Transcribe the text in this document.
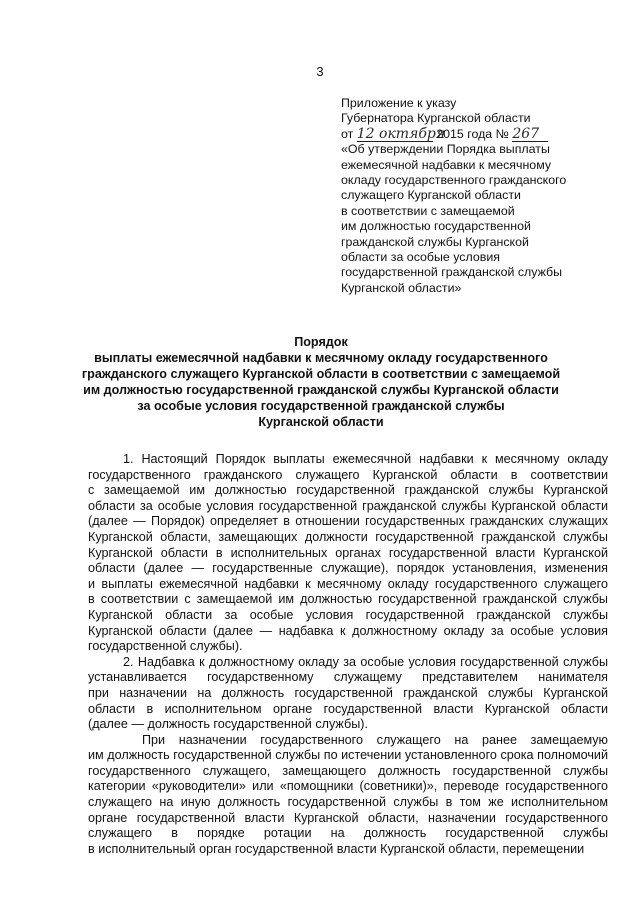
3
Приложение к указу
Губернатора Курганской области
от 12 октября 2015 года № 267
«Об утверждении Порядка выплаты
ежемесячной надбавки к месячному
окладу государственного гражданского
служащего Курганской области
в соответствии с замещаемой
им должностью государственной
гражданской службы Курганской
области за особые условия
государственной гражданской службы
Курганской области»
Порядок
выплаты ежемесячной надбавки к месячному окладу государственного
гражданского служащего Курганской области в соответствии с замещаемой
им должностью государственной гражданской службы Курганской области
за особые условия государственной гражданской службы
Курганской области
1. Настоящий Порядок выплаты ежемесячной надбавки к месячному окладу
государственного гражданского служащего Курганской области в соответствии
с замещаемой им должностью государственной гражданской службы Курганской
области за особые условия государственной гражданской службы Курганской области
(далее — Порядок) определяет в отношении государственных гражданских служащих
Курганской области, замещающих должности государственной гражданской службы
Курганской области в исполнительных органах государственной власти Курганской
области (далее — государственные служащие), порядок установления, изменения
и выплаты ежемесячной надбавки к месячному окладу государственного служащего
в соответствии с замещаемой им должностью государственной гражданской службы
Курганской области за особые условия государственной гражданской службы
Курганской области (далее — надбавка к должностному окладу за особые условия
государственной службы).
2. Надбавка к должностному окладу за особые условия государственной службы
устанавливается государственному служащему представителем нанимателя
при назначении на должность государственной гражданской службы Курганской
области в исполнительном органе государственной власти Курганской области
(далее — должность государственной службы).
При назначении государственного служащего на ранее замещаемую
им должность государственной службы по истечении установленного срока полномочий
государственного служащего, замещающего должность государственной службы
категории «руководители» или «помощники (советники)», переводе государственного
служащего на иную должность государственной службы в том же исполнительном
органе государственной власти Курганской области, назначении государственного
служащего в порядке ротации на должность государственной службы
в исполнительный орган государственной власти Курганской области, перемещении
